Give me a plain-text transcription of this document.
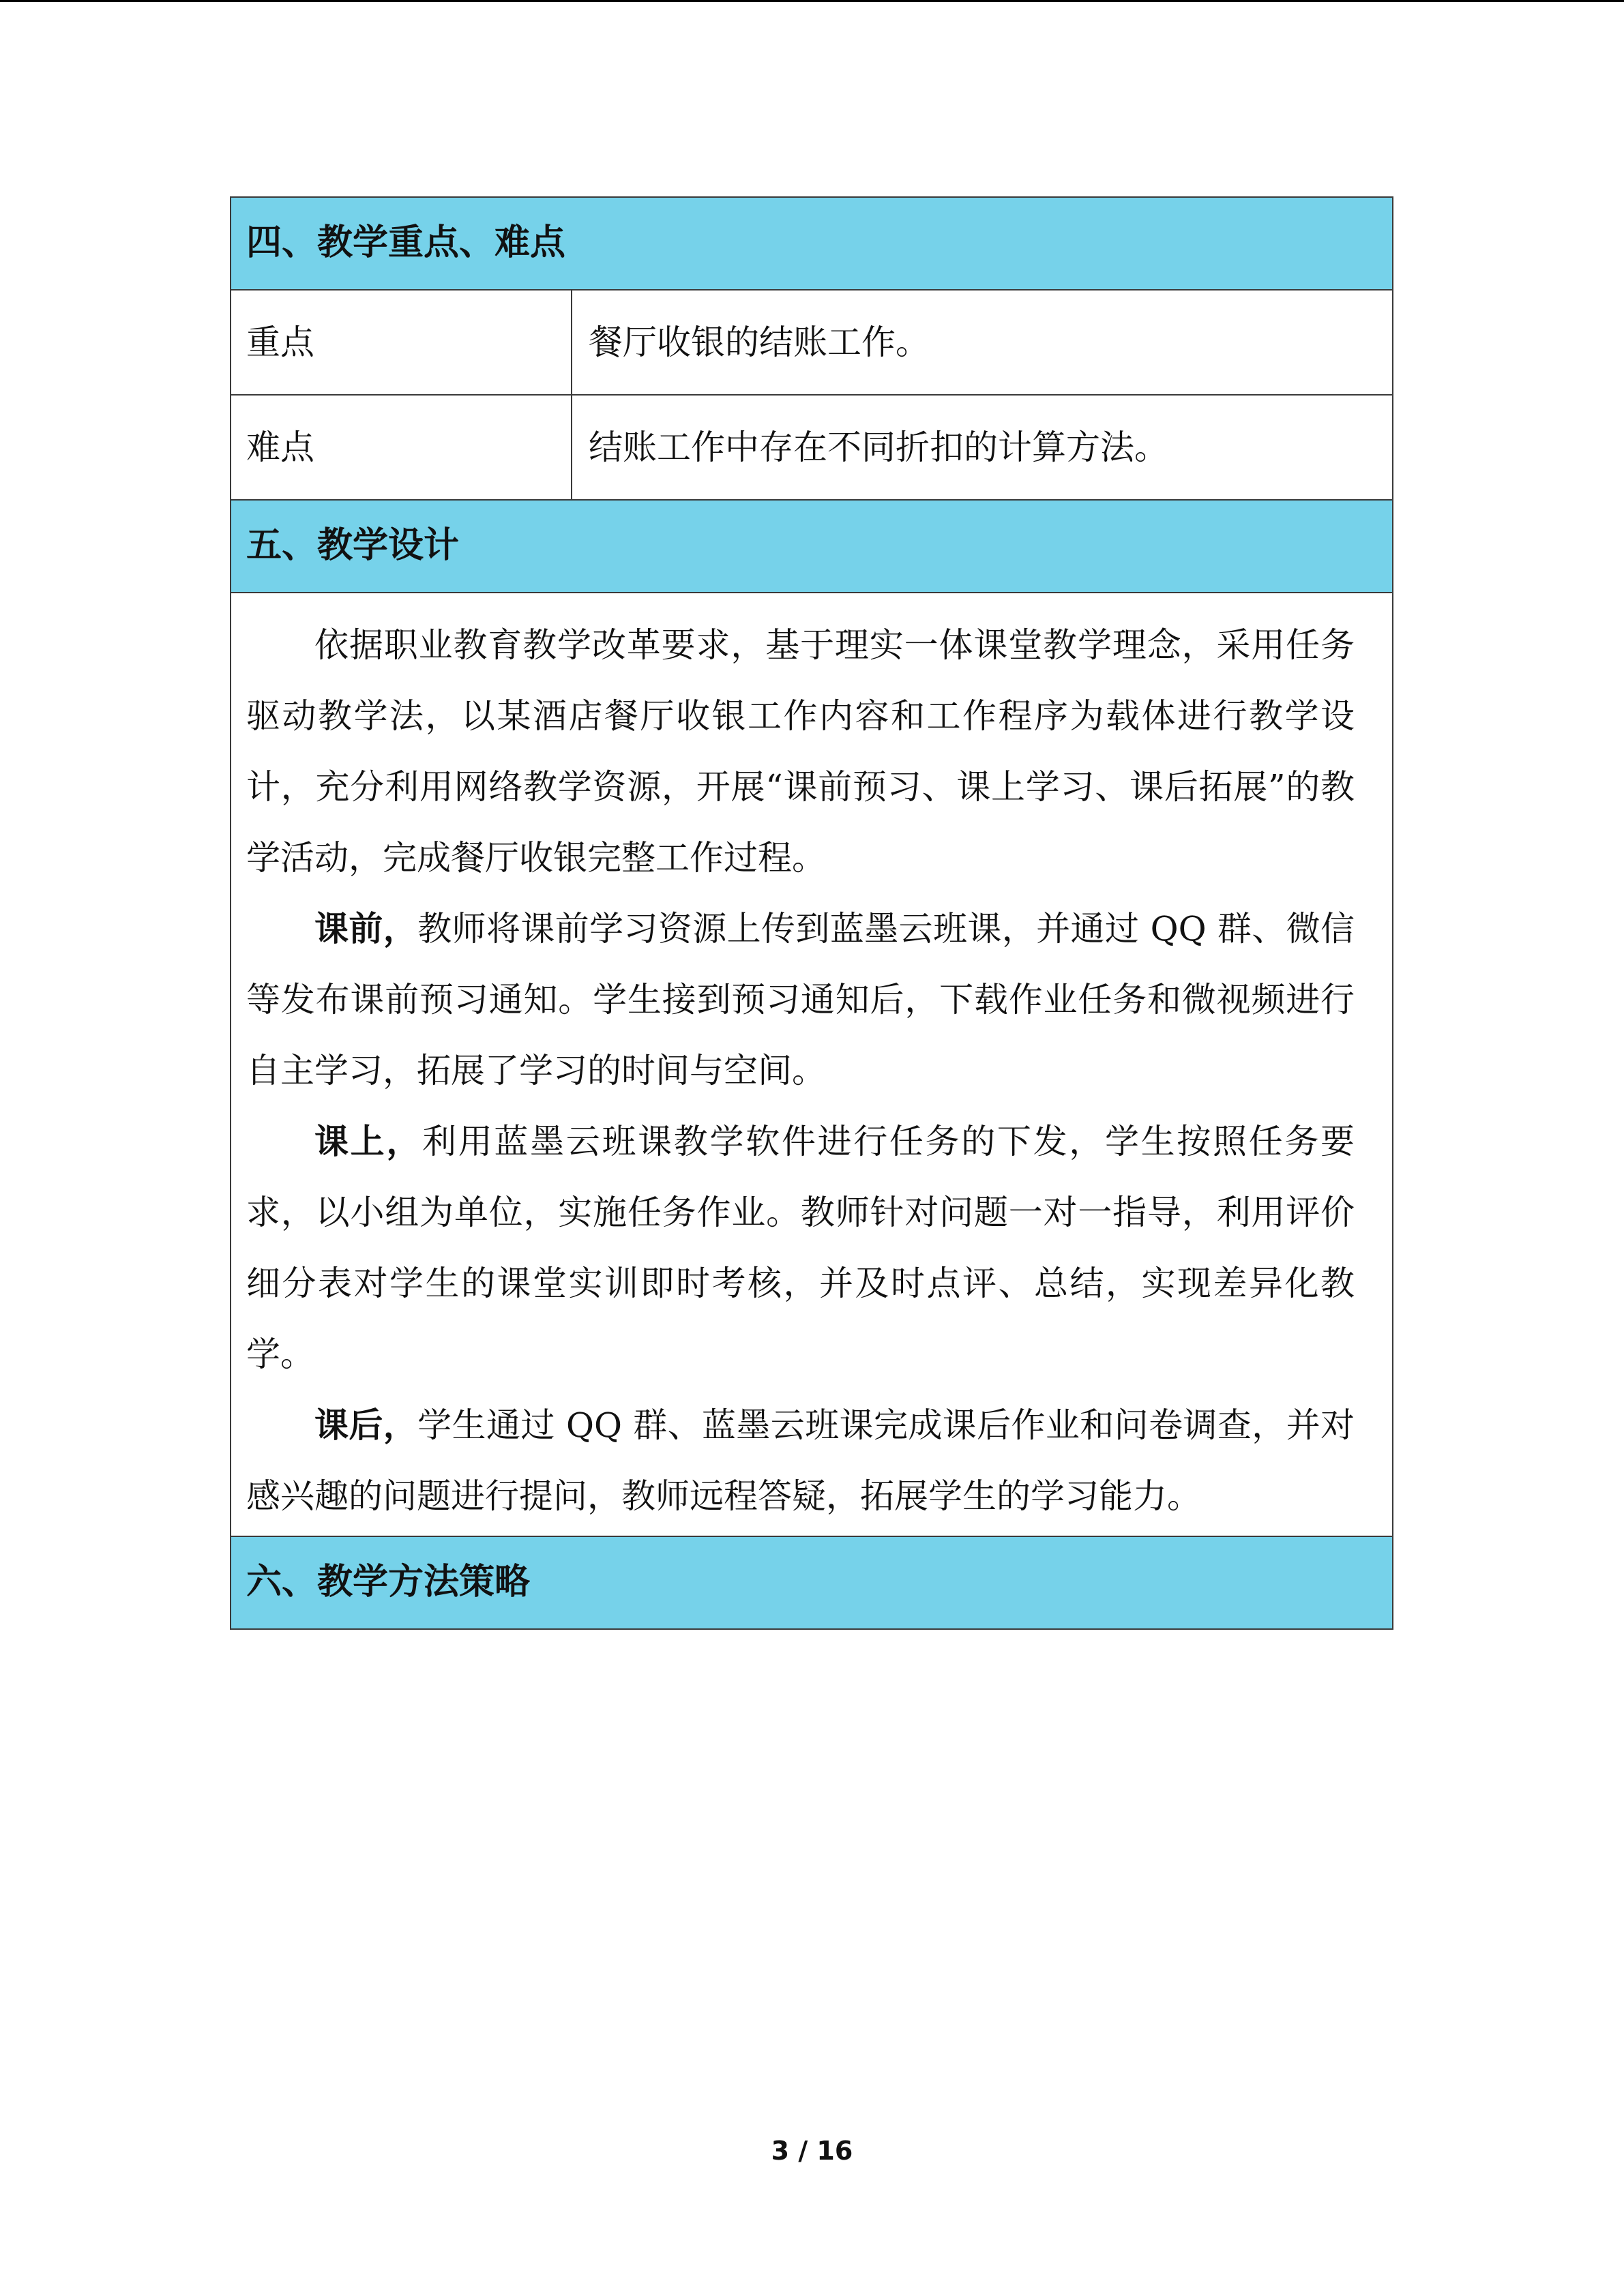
四、教学重点、难点	
重点	餐厅收银的结账工作。
难点	结账工作中存在不同折扣的计算方法。
五、教学设计	

依据职业教育教学改革要求，基于理实一体课堂教学理念，采用任务驱动教学法，以某酒店餐厅收银工作内容和工作程序为载体进行教学设计，充分利用网络教学资源，开展“课前预习、课上学习、课后拓展”的教学活动，完成餐厅收银完整工作过程。

课前，教师将课前学习资源上传到蓝墨云班课，并通过 QQ 群、微信等发布课前预习通知。学生接到预习通知后，下载作业任务和微视频进行自主学习，拓展了学习的时间与空间。

课上，利用蓝墨云班课教学软件进行任务的下发，学生按照任务要求，以小组为单位，实施任务作业。教师针对问题一对一指导，利用评价细分表对学生的课堂实训即时考核，并及时点评、总结，实现差异化教学。

课后，学生通过 QQ 群、蓝墨云班课完成课后作业和问卷调查，并对感兴趣的问题进行提问，教师远程答疑，拓展学生的学习能力。	

六、教学方法策略	
3 / 16
